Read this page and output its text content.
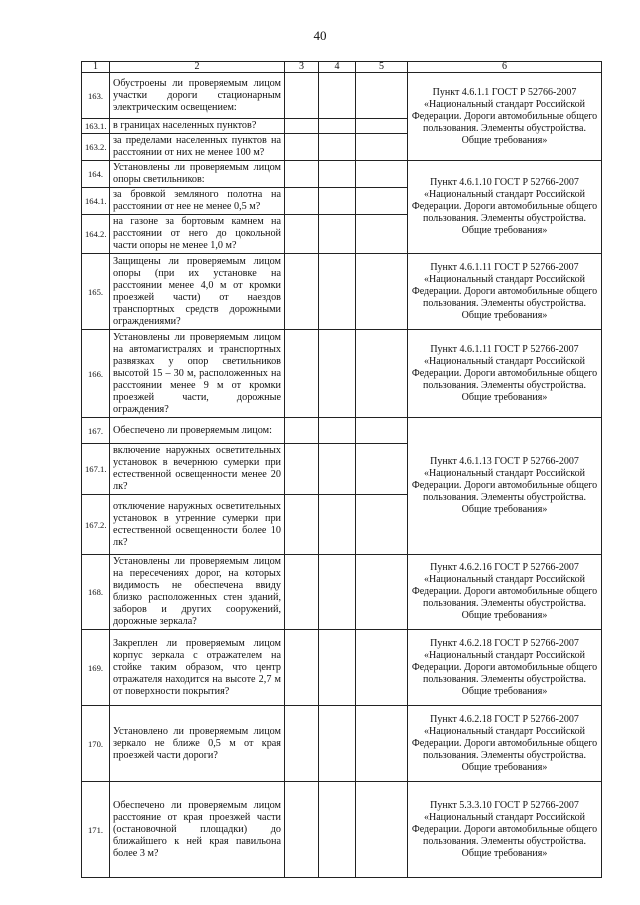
40
1	2	3	4	5	6
163.	Обустроены ли проверяемым лицом участки дороги стационарным электрическим освещением:				Пункт 4.6.1.1 ГОСТ Р 52766-2007 «Национальный стандарт Российской Федерации. Дороги автомобильные общего пользования. Элементы обустройства. Общие требования»
163.1.	в границах населенных пунктов?				
163.2.	за пределами населенных пунктов на расстоянии от них не менее 100 м?				
164.	Установлены ли проверяемым лицом опоры светильников:				Пункт 4.6.1.10 ГОСТ Р 52766-2007 «Национальный стандарт Российской Федерации. Дороги автомобильные общего пользования. Элементы обустройства. Общие требования»
164.1.	за бровкой земляного полотна на расстоянии от нее не менее 0,5 м?				
164.2.	на газоне за бортовым камнем на расстоянии от него до цокольной части опоры не менее 1,0 м?				
165.	Защищены ли проверяемым лицом опоры (при их установке на расстоянии менее 4,0 м от кромки проезжей части) от наездов транспортных средств дорожными ограждениями?				Пункт 4.6.1.11 ГОСТ Р 52766-2007 «Национальный стандарт Российской Федерации. Дороги автомобильные общего пользования. Элементы обустройства. Общие требования»
166.	Установлены ли проверяемым лицом на автомагистралях и транспортных развязках у опор светильников высотой 15 – 30 м, расположенных на расстоянии менее 9 м от кромки проезжей части, дорожные ограждения?				Пункт 4.6.1.11 ГОСТ Р 52766-2007 «Национальный стандарт Российской Федерации. Дороги автомобильные общего пользования. Элементы обустройства. Общие требования»
167.	Обеспечено ли проверяемым лицом:				Пункт 4.6.1.13 ГОСТ Р 52766-2007 «Национальный стандарт Российской Федерации. Дороги автомобильные общего пользования. Элементы обустройства. Общие требования»
167.1.	включение наружных осветительных установок в вечернюю сумерки при естественной освещенности менее 20 лк?				
167.2.	отключение наружных осветительных установок в утренние сумерки при естественной освещенности более 10 лк?				
168.	Установлены ли проверяемым лицом на пересечениях дорог, на которых видимость не обеспечена ввиду близко расположенных стен зданий, заборов и других сооружений, дорожные зеркала?				Пункт 4.6.2.16 ГОСТ Р 52766-2007 «Национальный стандарт Российской Федерации. Дороги автомобильные общего пользования. Элементы обустройства. Общие требования»
169.	Закреплен ли проверяемым лицом корпус зеркала с отражателем на стойке таким образом, что центр отражателя находится на высоте 2,7 м от поверхности покрытия?				Пункт 4.6.2.18 ГОСТ Р 52766-2007 «Национальный стандарт Российской Федерации. Дороги автомобильные общего пользования. Элементы обустройства. Общие требования»
170.	Установлено ли проверяемым лицом зеркало не ближе 0,5 м от края проезжей части дороги?				Пункт 4.6.2.18 ГОСТ Р 52766-2007 «Национальный стандарт Российской Федерации. Дороги автомобильные общего пользования. Элементы обустройства. Общие требования»
171.	Обеспечено ли проверяемым лицом расстояние от края проезжей части (остановочной площадки) до ближайшего к ней края павильона более 3 м?				Пункт 5.3.3.10 ГОСТ Р 52766-2007 «Национальный стандарт Российской Федерации. Дороги автомобильные общего пользования. Элементы обустройства. Общие требования»
